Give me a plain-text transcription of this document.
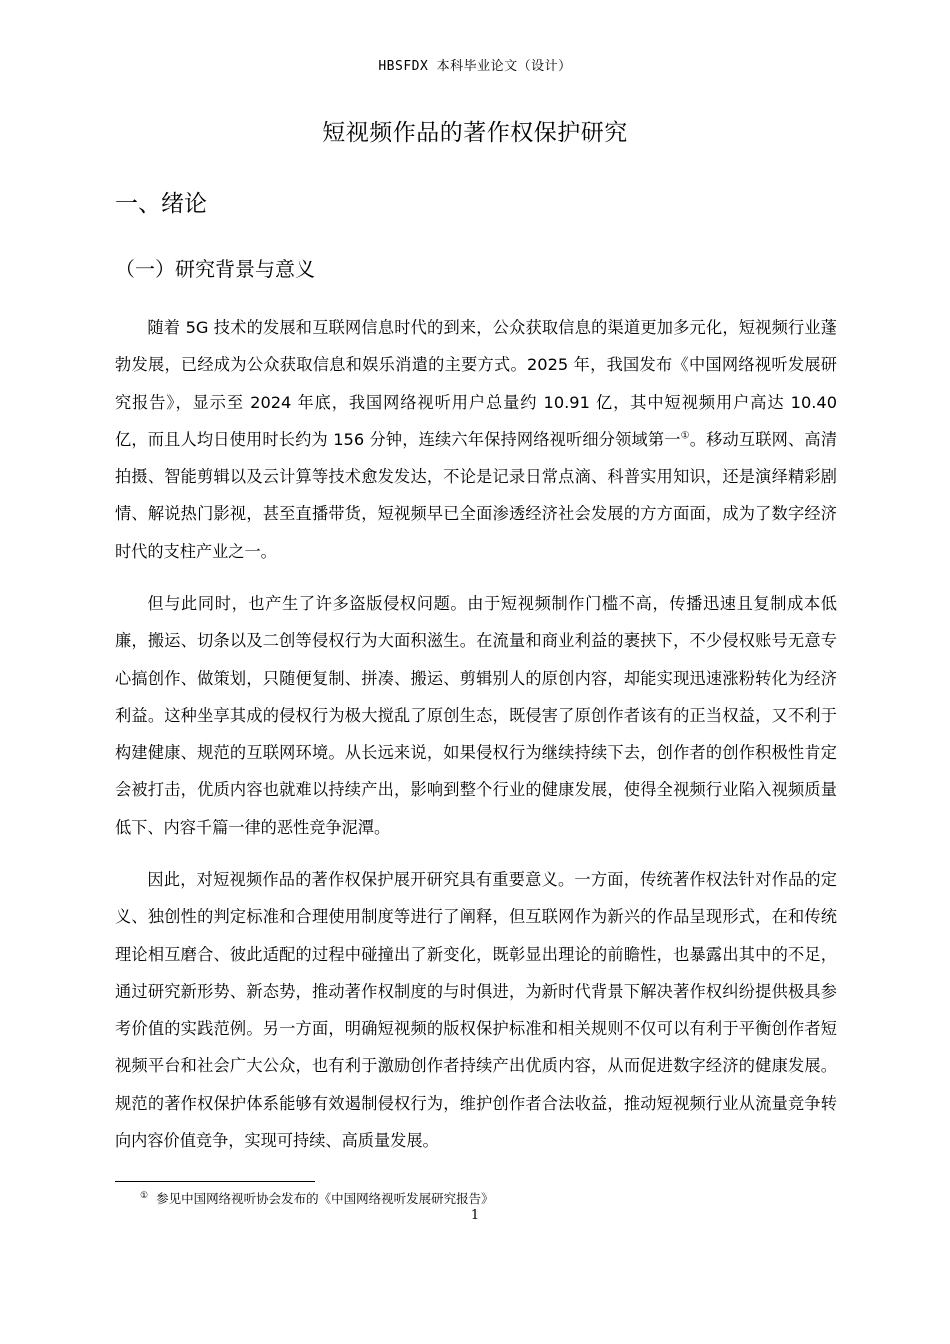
HBSFDX 本科毕业论文（设计）
短视频作品的著作权保护研究
一、绪论
（一）研究背景与意义

随着 5G 技术的发展和互联网信息时代的到来，公众获取信息的渠道更加多元化，短视频行业蓬勃发展，已经成为公众获取信息和娱乐消遣的主要方式。2025 年，我国发布《中国网络视听发展研究报告》，显示至 2024 年底，我国网络视听用户总量约 10.91 亿，其中短视频用户高达 10.40 亿，而且人均日使用时长约为 156 分钟，连续六年保持网络视听细分领域第一①。移动互联网、高清拍摄、智能剪辑以及云计算等技术愈发发达，不论是记录日常点滴、科普实用知识，还是演绎精彩剧情、解说热门影视，甚至直播带货，短视频早已全面渗透经济社会发展的方方面面，成为了数字经济时代的支柱产业之一。

但与此同时，也产生了许多盗版侵权问题。由于短视频制作门槛不高，传播迅速且复制成本低廉，搬运、切条以及二创等侵权行为大面积滋生。在流量和商业利益的裹挟下，不少侵权账号无意专心搞创作、做策划，只随便复制、拼凑、搬运、剪辑别人的原创内容，却能实现迅速涨粉转化为经济利益。这种坐享其成的侵权行为极大搅乱了原创生态，既侵害了原创作者该有的正当权益，又不利于构建健康、规范的互联网环境。从长远来说，如果侵权行为继续持续下去，创作者的创作积极性肯定会被打击，优质内容也就难以持续产出，影响到整个行业的健康发展，使得全视频行业陷入视频质量低下、内容千篇一律的恶性竞争泥潭。

因此，对短视频作品的著作权保护展开研究具有重要意义。一方面，传统著作权法针对作品的定义、独创性的判定标准和合理使用制度等进行了阐释，但互联网作为新兴的作品呈现形式，在和传统理论相互磨合、彼此适配的过程中碰撞出了新变化，既彰显出理论的前瞻性，也暴露出其中的不足，通过研究新形势、新态势，推动著作权制度的与时俱进，为新时代背景下解决著作权纠纷提供极具参考价值的实践范例。另一方面，明确短视频的版权保护标准和相关规则不仅可以有利于平衡创作者短视频平台和社会广大公众，也有利于激励创作者持续产出优质内容，从而促进数字经济的健康发展。规范的著作权保护体系能够有效遏制侵权行为，维护创作者合法收益，推动短视频行业从流量竞争转向内容价值竞争，实现可持续、高质量发展。

① 参见中国网络视听协会发布的《中国网络视听发展研究报告》
1
